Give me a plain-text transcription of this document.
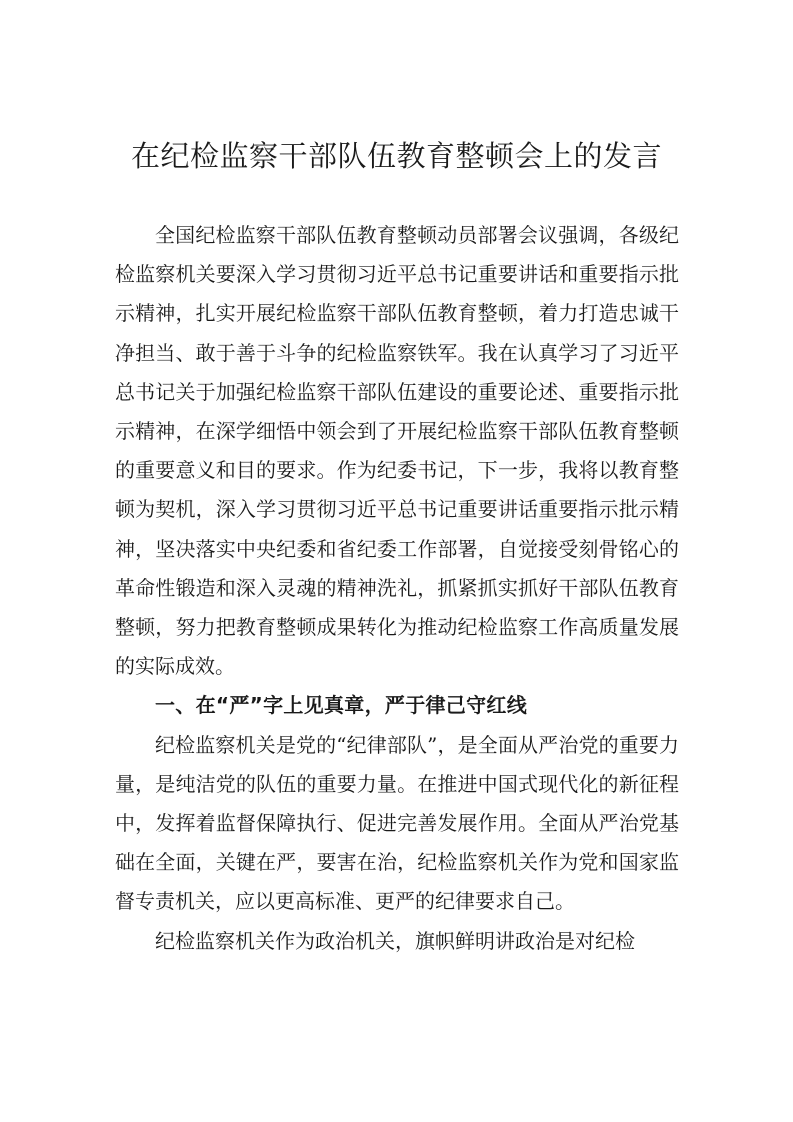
在纪检监察干部队伍教育整顿会上的发言

全国纪检监察干部队伍教育整顿动员部署会议强调，各级纪检监察机关要深入学习贯彻习近平总书记重要讲话和重要指示批示精神，扎实开展纪检监察干部队伍教育整顿，着力打造忠诚干净担当、敢于善于斗争的纪检监察铁军。我在认真学习了习近平总书记关于加强纪检监察干部队伍建设的重要论述、重要指示批示精神，在深学细悟中领会到了开展纪检监察干部队伍教育整顿的重要意义和目的要求。作为纪委书记，下一步，我将以教育整顿为契机，深入学习贯彻习近平总书记重要讲话重要指示批示精神，坚决落实中央纪委和省纪委工作部署，自觉接受刻骨铭心的革命性锻造和深入灵魂的精神洗礼，抓紧抓实抓好干部队伍教育整顿，努力把教育整顿成果转化为推动纪检监察工作高质量发展的实际成效。

一、在“严”字上见真章，严于律己守红线

纪检监察机关是党的“纪律部队”，是全面从严治党的重要力量，是纯洁党的队伍的重要力量。在推进中国式现代化的新征程中，发挥着监督保障执行、促进完善发展作用。全面从严治党基础在全面，关键在严，要害在治，纪检监察机关作为党和国家监督专责机关，应以更高标准、更严的纪律要求自己。

纪检监察机关作为政治机关，旗帜鲜明讲政治是对纪检
